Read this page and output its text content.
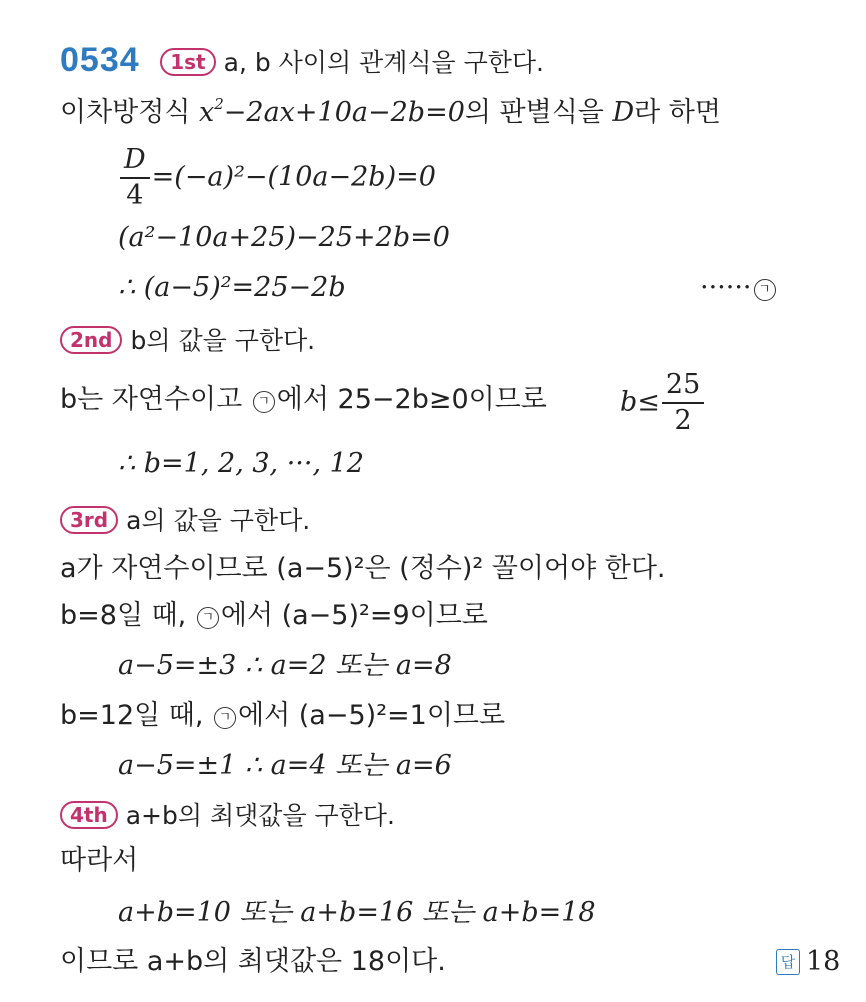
0534 1st a, b 사이의 관계식을 구한다.
이차방정식 $x^2-2ax+10a-2b=0$의 판별식을 D라 하면
$\frac{D}{4} =(-a)^2-(10a-2b)=0$
(a²−10a+25)−25+2b=0
∴ (a−5)²=25−2b	······ ㄱ
2nd b의 값을 구한다.
b는 자연수이고 ㄱ 에서 25−2b≥0이므로	$b\le \frac{25}{2}$
∴ b=1, 2, 3, ···, 12
3rd a의 값을 구한다.
a가 자연수이므로 (a−5)²은 (정수)² 꼴이어야 한다.
b=8일 때, ㄱ 에서 (a−5)²=9이므로
a−5=±3 ∴ a=2 또는 a=8
b=12일 때, ㄱ 에서 (a−5)²=1이므로
a−5=±1 ∴ a=4 또는 a=6
4th a+b의 최댓값을 구한다.
따라서
a+b=10 또는 a+b=16 또는 a+b=18
이므로 a+b의 최댓값은 18이다.	답 18
